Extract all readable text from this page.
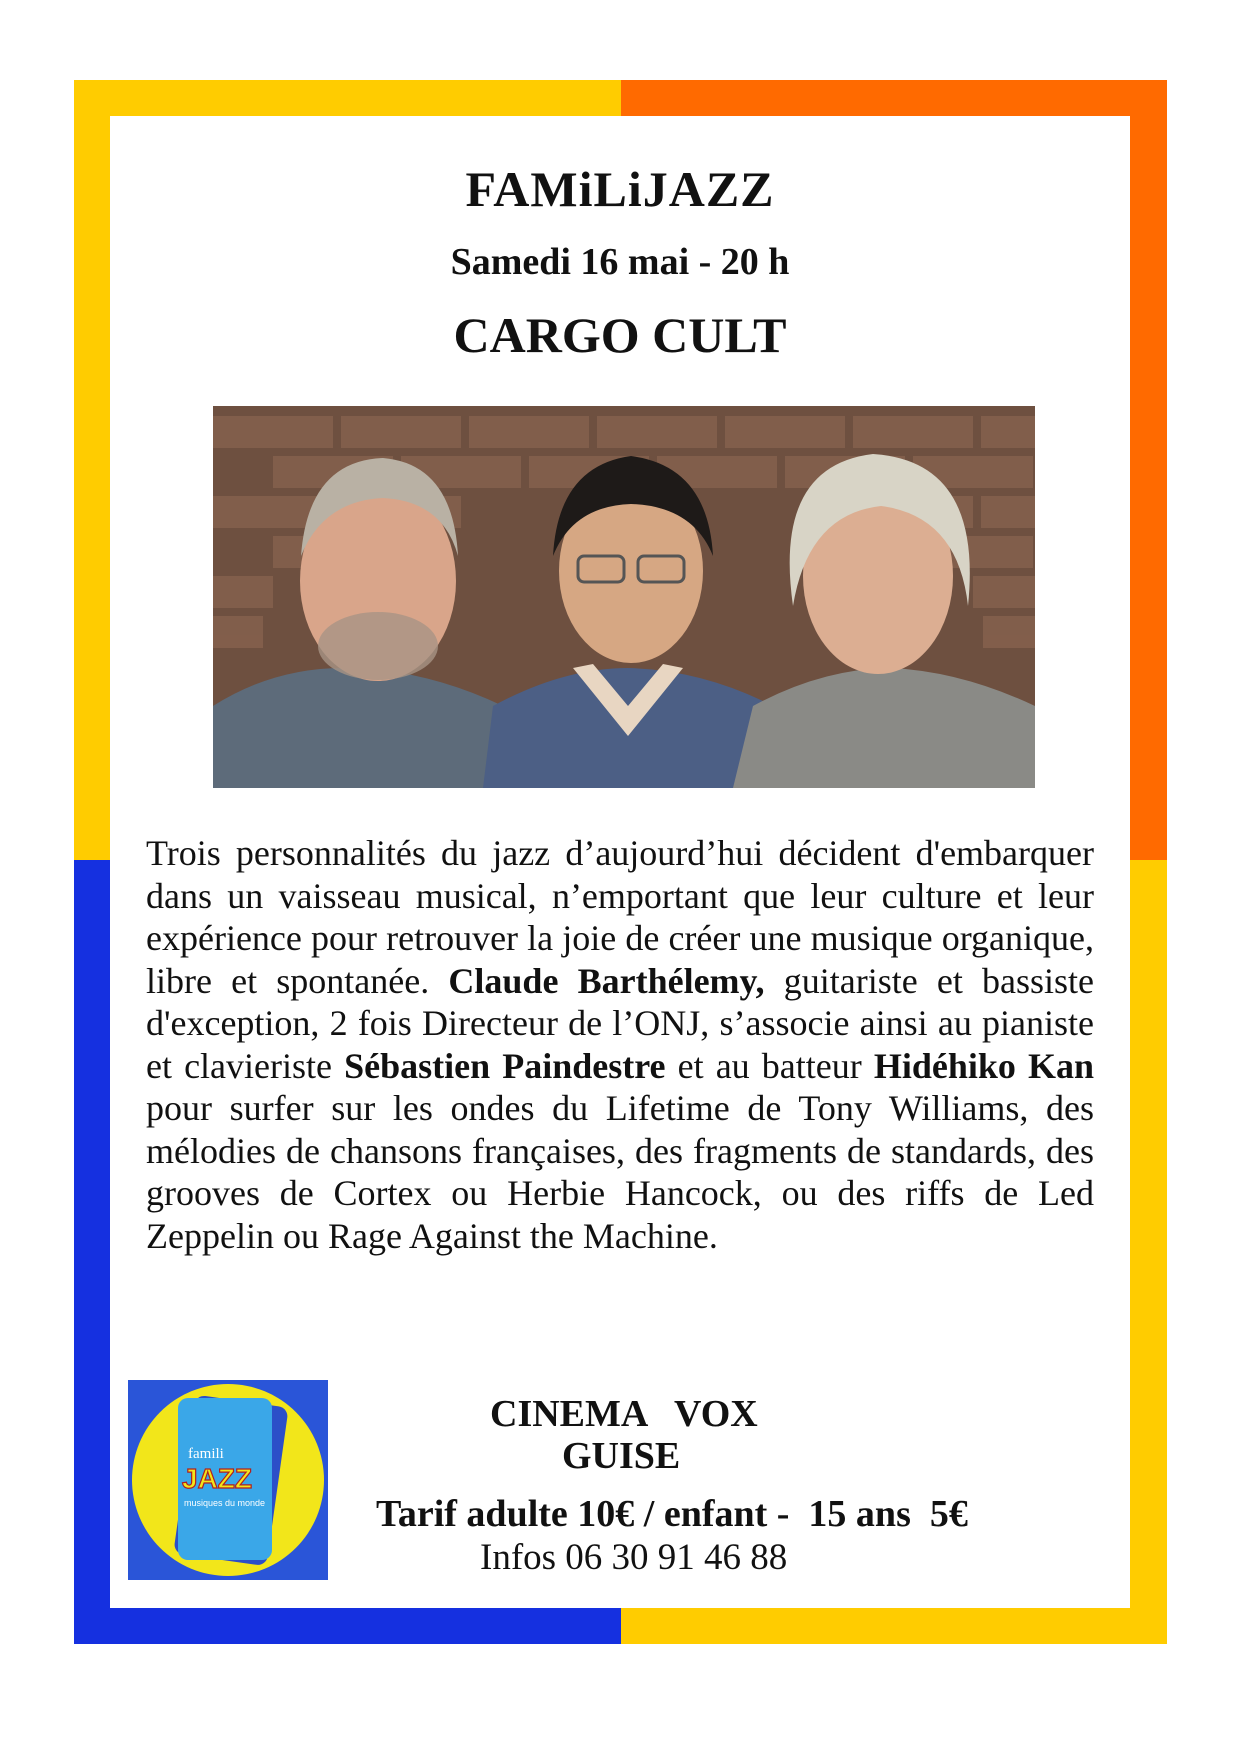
FAMiLiJAZZ
Samedi 16 mai - 20 h
CARGO CULT
Trois personnalités du jazz d’aujourd’hui décident d'embarquer dans un vaisseau musical, n’emportant que leur culture et leur expérience pour retrouver la joie de créer une musique organique, libre et spontanée. Claude Barthélemy, guitariste et bassiste d'exception, 2 fois Directeur de l’ONJ, s’associe ainsi au pianiste et clavieriste Sébastien Paindestre et au batteur Hidéhiko Kan pour surfer sur les ondes du Lifetime de Tony Williams, des mélodies de chansons françaises, des fragments de standards, des grooves de Cortex ou Herbie Hancock, ou des riffs de Led Zeppelin ou Rage Against the Machine.
famili
JAZZ
musiques du monde
CINEMA   VOX
GUISE
Tarif adulte 10€ / enfant -  15 ans  5€
Infos 06 30 91 46 88
